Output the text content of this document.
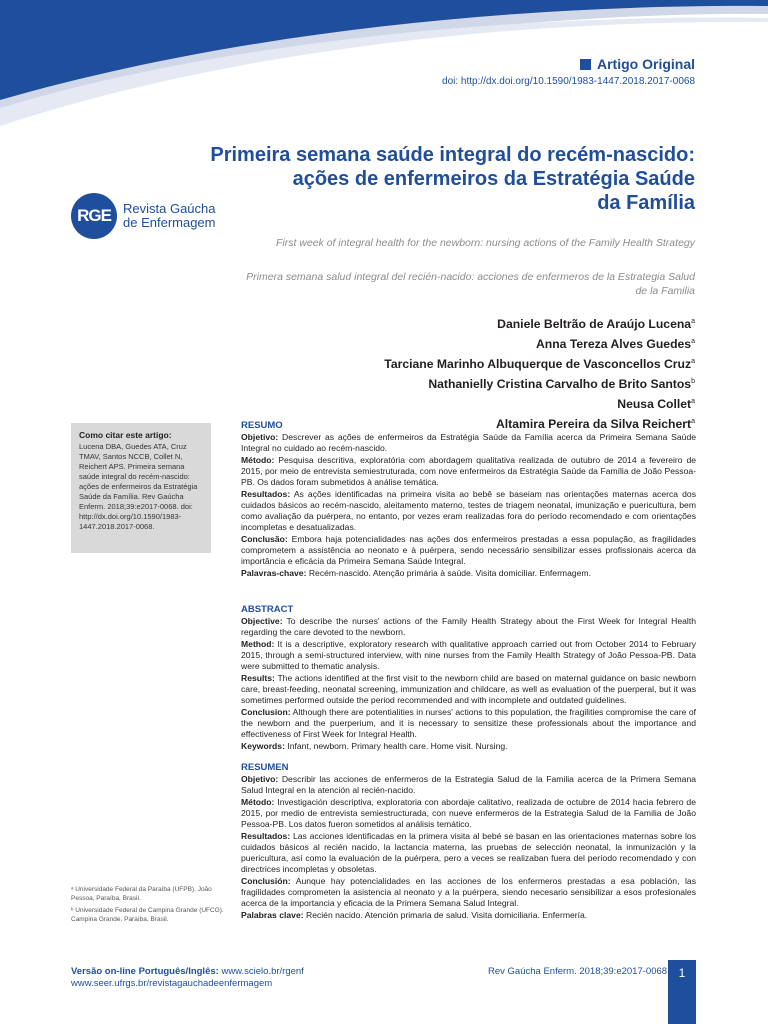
Artigo Original
doi: http://dx.doi.org/10.1590/1983-1447.2018.2017-0068
Primeira semana saúde integral do recém-nascido:
ações de enfermeiros da Estratégia Saúde
da Família
RGE Revista Gaúcha
de Enfermagem
First week of integral health for the newborn: nursing actions of the Family Health Strategy
Primera semana salud integral del recién-nacido: acciones de enfermeros de la Estrategia Salud de la Familia
Daniele Beltrão de Araújo Lucena$^a$
Anna Tereza Alves Guedes$^a$
Tarciane Marinho Albuquerque de Vasconcellos Cruz$^a$
Nathanielly Cristina Carvalho de Brito Santos$^b$
Neusa Collet$^a$
Altamira Pereira da Silva Reichert$^a$
Como citar este artigo:
Lucena DBA, Guedes ATA, Cruz TMAV, Santos NCCB, Collet N, Reichert APS. Primeira semana saúde integral do recém-nascido: ações de enfermeiros da Estratégia Saúde da Família. Rev Gaúcha Enferm. 2018;39:e2017-0068. doi: http://dx.doi.org/10.1590/1983-1447.2018.2017-0068.
RESUMO

Objetivo: Descrever as ações de enfermeiros da Estratégia Saúde da Família acerca da Primeira Semana Saúde Integral no cuidado ao recém-nascido.

Método: Pesquisa descritiva, exploratória com abordagem qualitativa realizada de outubro de 2014 a fevereiro de 2015, por meio de entrevista semiestruturada, com nove enfermeiros da Estratégia Saúde da Família de João Pessoa-PB. Os dados foram submetidos à análise temática.

Resultados: As ações identificadas na primeira visita ao bebê se baseiam nas orientações maternas acerca dos cuidados básicos ao recém-nascido, aleitamento materno, testes de triagem neonatal, imunização e puericultura, bem como avaliação da puérpera, no entanto, por vezes eram realizadas fora do período recomendado e com orientações incompletas e desatualizadas.

Conclusão: Embora haja potencialidades nas ações dos enfermeiros prestadas a essa população, as fragilidades comprometem a assistência ao neonato e à puérpera, sendo necessário sensibilizar esses profissionais acerca da importância e eficácia da Primeira Semana Saúde Integral.

Palavras-chave: Recém-nascido. Atenção primária à saúde. Visita domiciliar. Enfermagem.

ABSTRACT

Objective: To describe the nurses' actions of the Family Health Strategy about the First Week for Integral Health regarding the care devoted to the newborn.

Method: It is a descriptive, exploratory research with qualitative approach carried out from October 2014 to February 2015, through a semi-structured interview, with nine nurses from the Family Health Strategy of João Pessoa-PB. Data were submitted to thematic analysis.

Results: The actions identified at the first visit to the newborn child are based on maternal guidance on basic newborn care, breast-feeding, neonatal screening, immunization and childcare, as well as evaluation of the puerperal, but it was sometimes performed outside the period recommended and with incomplete and outdated guidelines.

Conclusion: Although there are potentialities in nurses' actions to this population, the fragilities compromise the care of the newborn and the puerperium, and it is necessary to sensitize these professionals about the importance and effectiveness of First Week for Integral Health.

Keywords: Infant, newborn. Primary health care. Home visit. Nursing.

RESUMEN

Objetivo: Describir las acciones de enfermeros de la Estrategia Salud de la Familia acerca de la Primera Semana Salud Integral en la atención al recién-nacido.

Método: Investigación descriptiva, exploratoria con abordaje calitativo, realizada de octubre de 2014 hacia febrero de 2015, por medio de entrevista semiestructurada, con nueve enfermeros de la Estrategia Salud de la Familia de João Pessoa-PB. Los datos fueron sometidos al análisis temático.

Resultados: Las acciones identificadas en la primera visita al bebé se basan en las orientaciones maternas sobre los cuidados básicos al recién nacido, la lactancia materna, las pruebas de selección neonatal, la inmunización y la puericultura, así como la evaluación de la puérpera, pero a veces se realizaban fuera del período recomendado y con directrices incompletas y obsoletas.

Conclusión: Aunque hay potencialidades en las acciones de los enfermeros prestadas a esa población, las fragilidades comprometen la asistencia al neonato y a la puérpera, siendo necesario sensibilizar a esos profesionales acerca de la importancia y eficacia de la Primera Semana Salud Integral.

Palabras clave: Recién nacido. Atención primaria de salud. Visita domiciliaria. Enfermería.

ᵃ Universidade Federal da Paraíba (UFPB). João Pessoa, Paraíba, Brasil.
ᵇ Universidade Federal de Campina Grande (UFCG). Campina Grande, Paraíba, Brasil.
Versão on-line Português/Inglês: www.scielo.br/rgenf
www.seer.ufrgs.br/revistagauchadeenfermagem
Rev Gaúcha Enferm. 2018;39:e2017-0068 1
